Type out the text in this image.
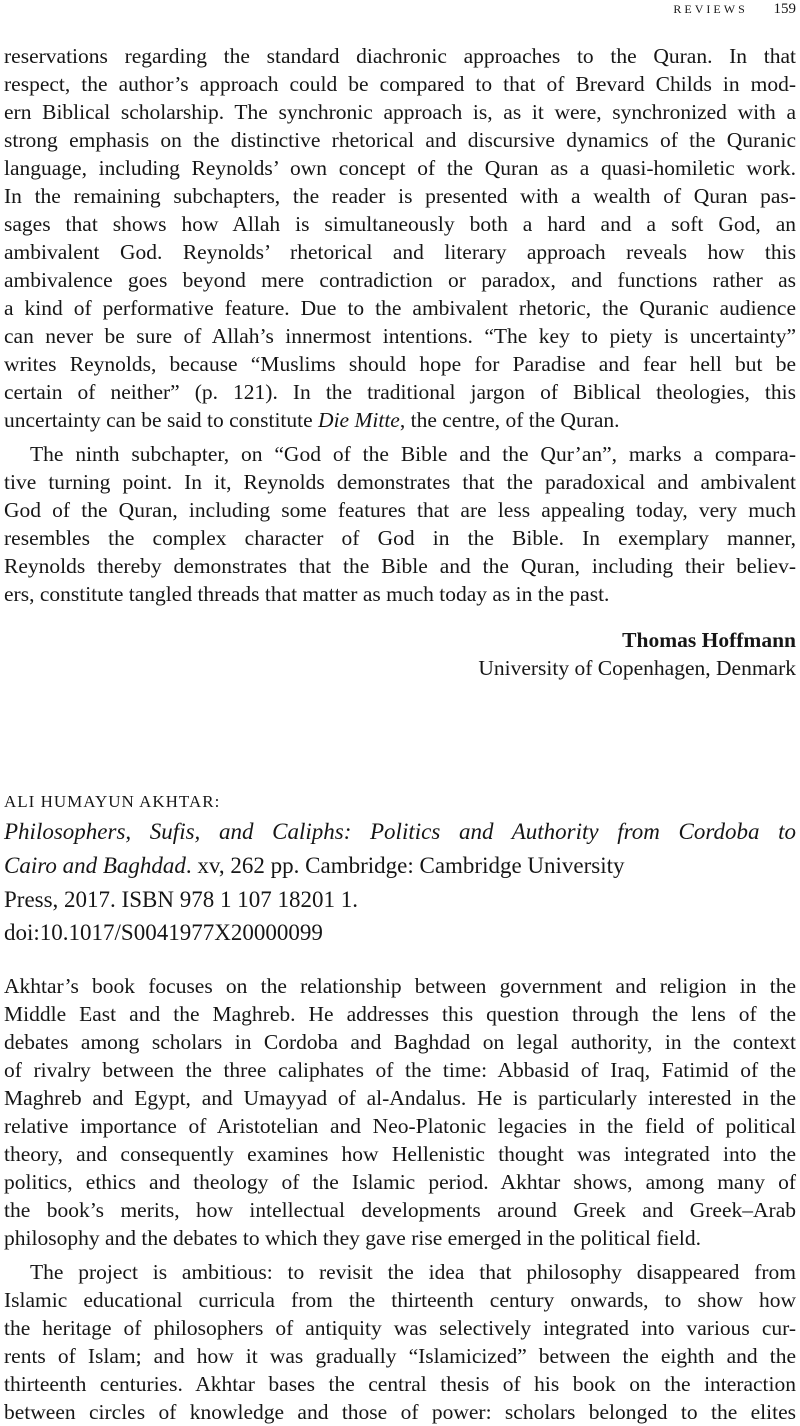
REVIEWS 159
reservations regarding the standard diachronic approaches to the Quran. In that
respect, the author’s approach could be compared to that of Brevard Childs in mod-
ern Biblical scholarship. The synchronic approach is, as it were, synchronized with a
strong emphasis on the distinctive rhetorical and discursive dynamics of the Quranic
language, including Reynolds’ own concept of the Quran as a quasi-homiletic work.
In the remaining subchapters, the reader is presented with a wealth of Quran pas-
sages that shows how Allah is simultaneously both a hard and a soft God, an
ambivalent God. Reynolds’ rhetorical and literary approach reveals how this
ambivalence goes beyond mere contradiction or paradox, and functions rather as
a kind of performative feature. Due to the ambivalent rhetoric, the Quranic audience
can never be sure of Allah’s innermost intentions. “The key to piety is uncertainty”
writes Reynolds, because “Muslims should hope for Paradise and fear hell but be
certain of neither” (p. 121). In the traditional jargon of Biblical theologies, this
uncertainty can be said to constitute Die Mitte, the centre, of the Quran.
The ninth subchapter, on “God of the Bible and the Qur’an”, marks a compara-
tive turning point. In it, Reynolds demonstrates that the paradoxical and ambivalent
God of the Quran, including some features that are less appealing today, very much
resembles the complex character of God in the Bible. In exemplary manner,
Reynolds thereby demonstrates that the Bible and the Quran, including their believ-
ers, constitute tangled threads that matter as much today as in the past.
Thomas Hoffmann
University of Copenhagen, Denmark
ALI HUMAYUN AKHTAR:
Philosophers, Sufis, and Caliphs: Politics and Authority from Cordoba to
Cairo and Baghdad. xv, 262 pp. Cambridge: Cambridge University
Press, 2017. ISBN 978 1 107 18201 1.
doi:10.1017/S0041977X20000099
Akhtar’s book focuses on the relationship between government and religion in the
Middle East and the Maghreb. He addresses this question through the lens of the
debates among scholars in Cordoba and Baghdad on legal authority, in the context
of rivalry between the three caliphates of the time: Abbasid of Iraq, Fatimid of the
Maghreb and Egypt, and Umayyad of al-Andalus. He is particularly interested in the
relative importance of Aristotelian and Neo-Platonic legacies in the field of political
theory, and consequently examines how Hellenistic thought was integrated into the
politics, ethics and theology of the Islamic period. Akhtar shows, among many of
the book’s merits, how intellectual developments around Greek and Greek–Arab
philosophy and the debates to which they gave rise emerged in the political field.
The project is ambitious: to revisit the idea that philosophy disappeared from
Islamic educational curricula from the thirteenth century onwards, to show how
the heritage of philosophers of antiquity was selectively integrated into various cur-
rents of Islam; and how it was gradually “Islamicized” between the eighth and the
thirteenth centuries. Akhtar bases the central thesis of his book on the interaction
between circles of knowledge and those of power: scholars belonged to the elites
